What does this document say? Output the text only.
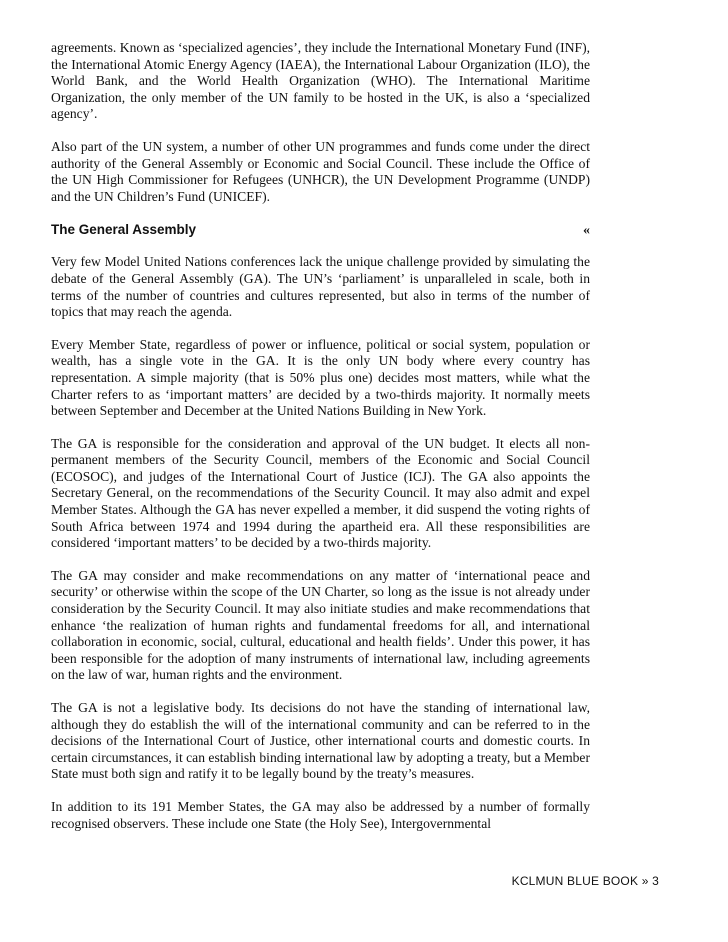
agreements. Known as ‘specialized agencies’, they include the International Monetary Fund (INF), the International Atomic Energy Agency (IAEA), the International Labour Organization (ILO), the World Bank, and the World Health Organization (WHO). The International Maritime Organization, the only member of the UN family to be hosted in the UK, is also a ‘specialized agency’.

Also part of the UN system, a number of other UN programmes and funds come under the direct authority of the General Assembly or Economic and Social Council. These include the Office of the UN High Commissioner for Refugees (UNHCR), the UN Development Programme (UNDP) and the UN Children’s Fund (UNICEF).

The General Assembly	«

Very few Model United Nations conferences lack the unique challenge provided by simulating the debate of the General Assembly (GA). The UN’s ‘parliament’ is unparalleled in scale, both in terms of the number of countries and cultures represented, but also in terms of the number of topics that may reach the agenda.

Every Member State, regardless of power or influence, political or social system, population or wealth, has a single vote in the GA. It is the only UN body where every country has representation. A simple majority (that is 50% plus one) decides most matters, while what the Charter refers to as ‘important matters’ are decided by a two-thirds majority. It normally meets between September and December at the United Nations Building in New York.

The GA is responsible for the consideration and approval of the UN budget. It elects all non-permanent members of the Security Council, members of the Economic and Social Council (ECOSOC), and judges of the International Court of Justice (ICJ). The GA also appoints the Secretary General, on the recommendations of the Security Council. It may also admit and expel Member States. Although the GA has never expelled a member, it did suspend the voting rights of South Africa between 1974 and 1994 during the apartheid era. All these responsibilities are considered ‘important matters’ to be decided by a two-thirds majority.

The GA may consider and make recommendations on any matter of ‘international peace and security’ or otherwise within the scope of the UN Charter, so long as the issue is not already under consideration by the Security Council. It may also initiate studies and make recommendations that enhance ‘the realization of human rights and fundamental freedoms for all, and international collaboration in economic, social, cultural, educational and health fields’. Under this power, it has been responsible for the adoption of many instruments of international law, including agreements on the law of war, human rights and the environment.

The GA is not a legislative body. Its decisions do not have the standing of international law, although they do establish the will of the international community and can be referred to in the decisions of the International Court of Justice, other international courts and domestic courts. In certain circumstances, it can establish binding international law by adopting a treaty, but a Member State must both sign and ratify it to be legally bound by the treaty’s measures.

In addition to its 191 Member States, the GA may also be addressed by a number of formally recognised observers. These include one State (the Holy See), Intergovernmental

KCLMUN BLUE BOOK » 3
